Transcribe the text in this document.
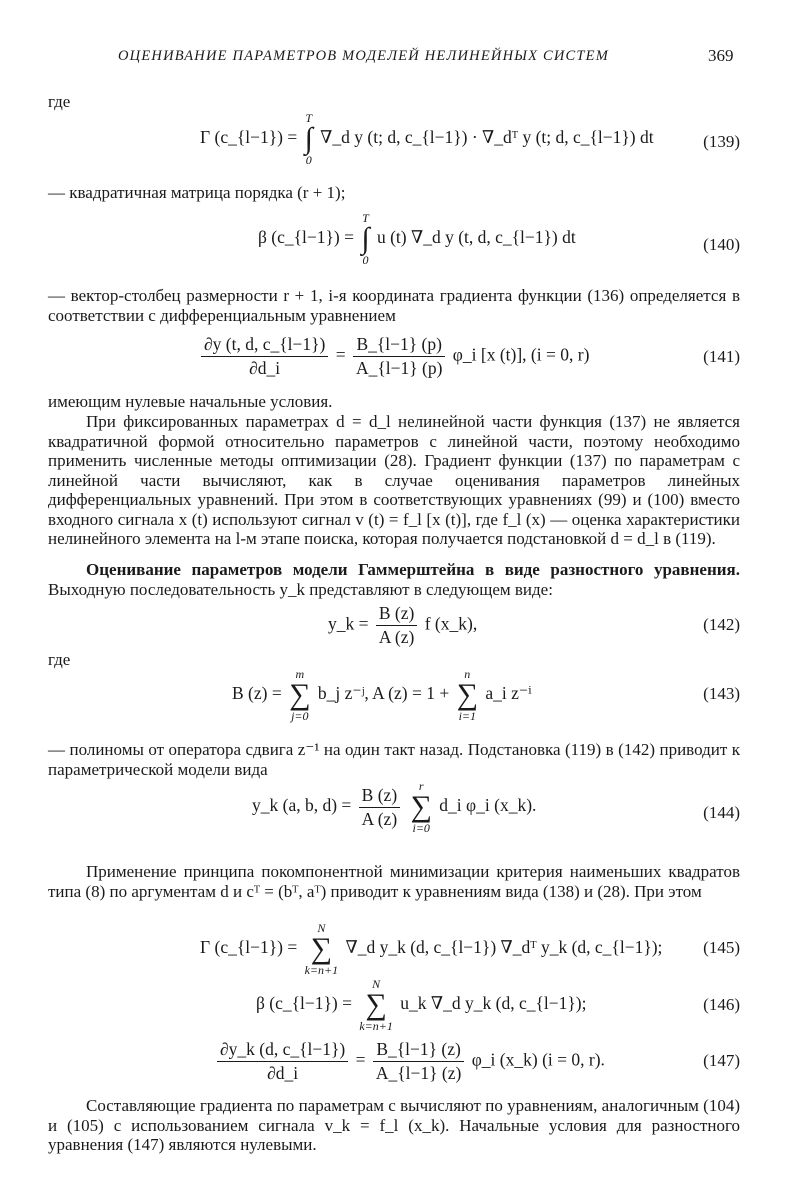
ОЦЕНИВАНИЕ ПАРАМЕТРОВ МОДЕЛЕЙ НЕЛИНЕЙНЫХ СИСТЕМ	369
где
Γ (c_{l−1}) =
T
∫
0
∇_d y (t; d, c_{l−1}) · ∇_dᵀ y (t; d, c_{l−1}) dt	(139)
— квадратичная матрица порядка (r + 1);
β (c_{l−1}) =
T
∫
0
u (t) ∇_d y (t, d, c_{l−1}) dt	(140)
— вектор-столбец размерности r + 1, i-я координата градиента функции (136) определяется в соответствии с дифференциальным уравнением
$\frac{\partial y (t, d, c\_\{l-1\})}{\partial d\_i} = \frac{B\_\{l-1\} (p)}{A\_\{l-1\} (p)}$ φ_i [x (t)], (i = 0, r)	(141)
имеющим нулевые начальные условия.
При фиксированных параметрах d = d_l нелинейной части функция (137) не является квадратичной формой относительно параметров c линейной части, поэтому необходимо применить численные методы оптимизации (28). Градиент функции (137) по параметрам с линейной части вычисляют, как в случае оценивания параметров линейных дифференциальных уравнений. При этом в соответствующих уравнениях (99) и (100) вместо входного сигнала x (t) используют сигнал v (t) = f_l [x (t)], где f_l (x) — оценка характеристики нелинейного элемента на l-м этапе поиска, которая получается подстановкой d = d_l в (119).
Оценивание параметров модели Гаммерштейна в виде разностного уравнения. Выходную последовательность y_k представляют в следующем виде:
y_k = $\frac{B (z)}{A (z)}$ f (x_k),	(142)
где
B (z) =
m
∑
j=0
b_j z⁻ʲ, A (z) = 1 +
n
∑
i=1
a_i z⁻ⁱ	(143)
— полиномы от оператора сдвига z⁻¹ на один такт назад. Подстановка (119) в (142) приводит к параметрической модели вида
y_k (a, b, $d) = \frac{B (z)}{A (z)}$
	r
∑
i=0
d_i φ_i (x_k).	(144)
Применение принципа покомпонентной минимизации критерия наименьших квадратов типа (8) по аргументам d и cᵀ = (bᵀ, aᵀ) приводит к уравнениям вида (138) и (28). При этом
Γ (c_{l−1}) =
N
∑
k=n+1
∇_d y_k (d, c_{l−1}) ∇_dᵀ y_k (d, c_{l−1});	(145)
β (c_{l−1}) =
N
∑
k=n+1
u_k ∇_d y_k (d, c_{l−1});	(146)
$\frac{\partial y\_k (d, c\_\{l-1\})}{\partial d\_i} = \frac{B\_\{l-1\} (z)}{A\_\{l-1\} (z)}$ φ_i (x_k) (i = 0, r).	(147)
Составляющие градиента по параметрам c вычисляют по уравнениям, аналогичным (104) и (105) с использованием сигнала v_k = f_l (x_k). Начальные условия для разностного уравнения (147) являются нулевыми.
